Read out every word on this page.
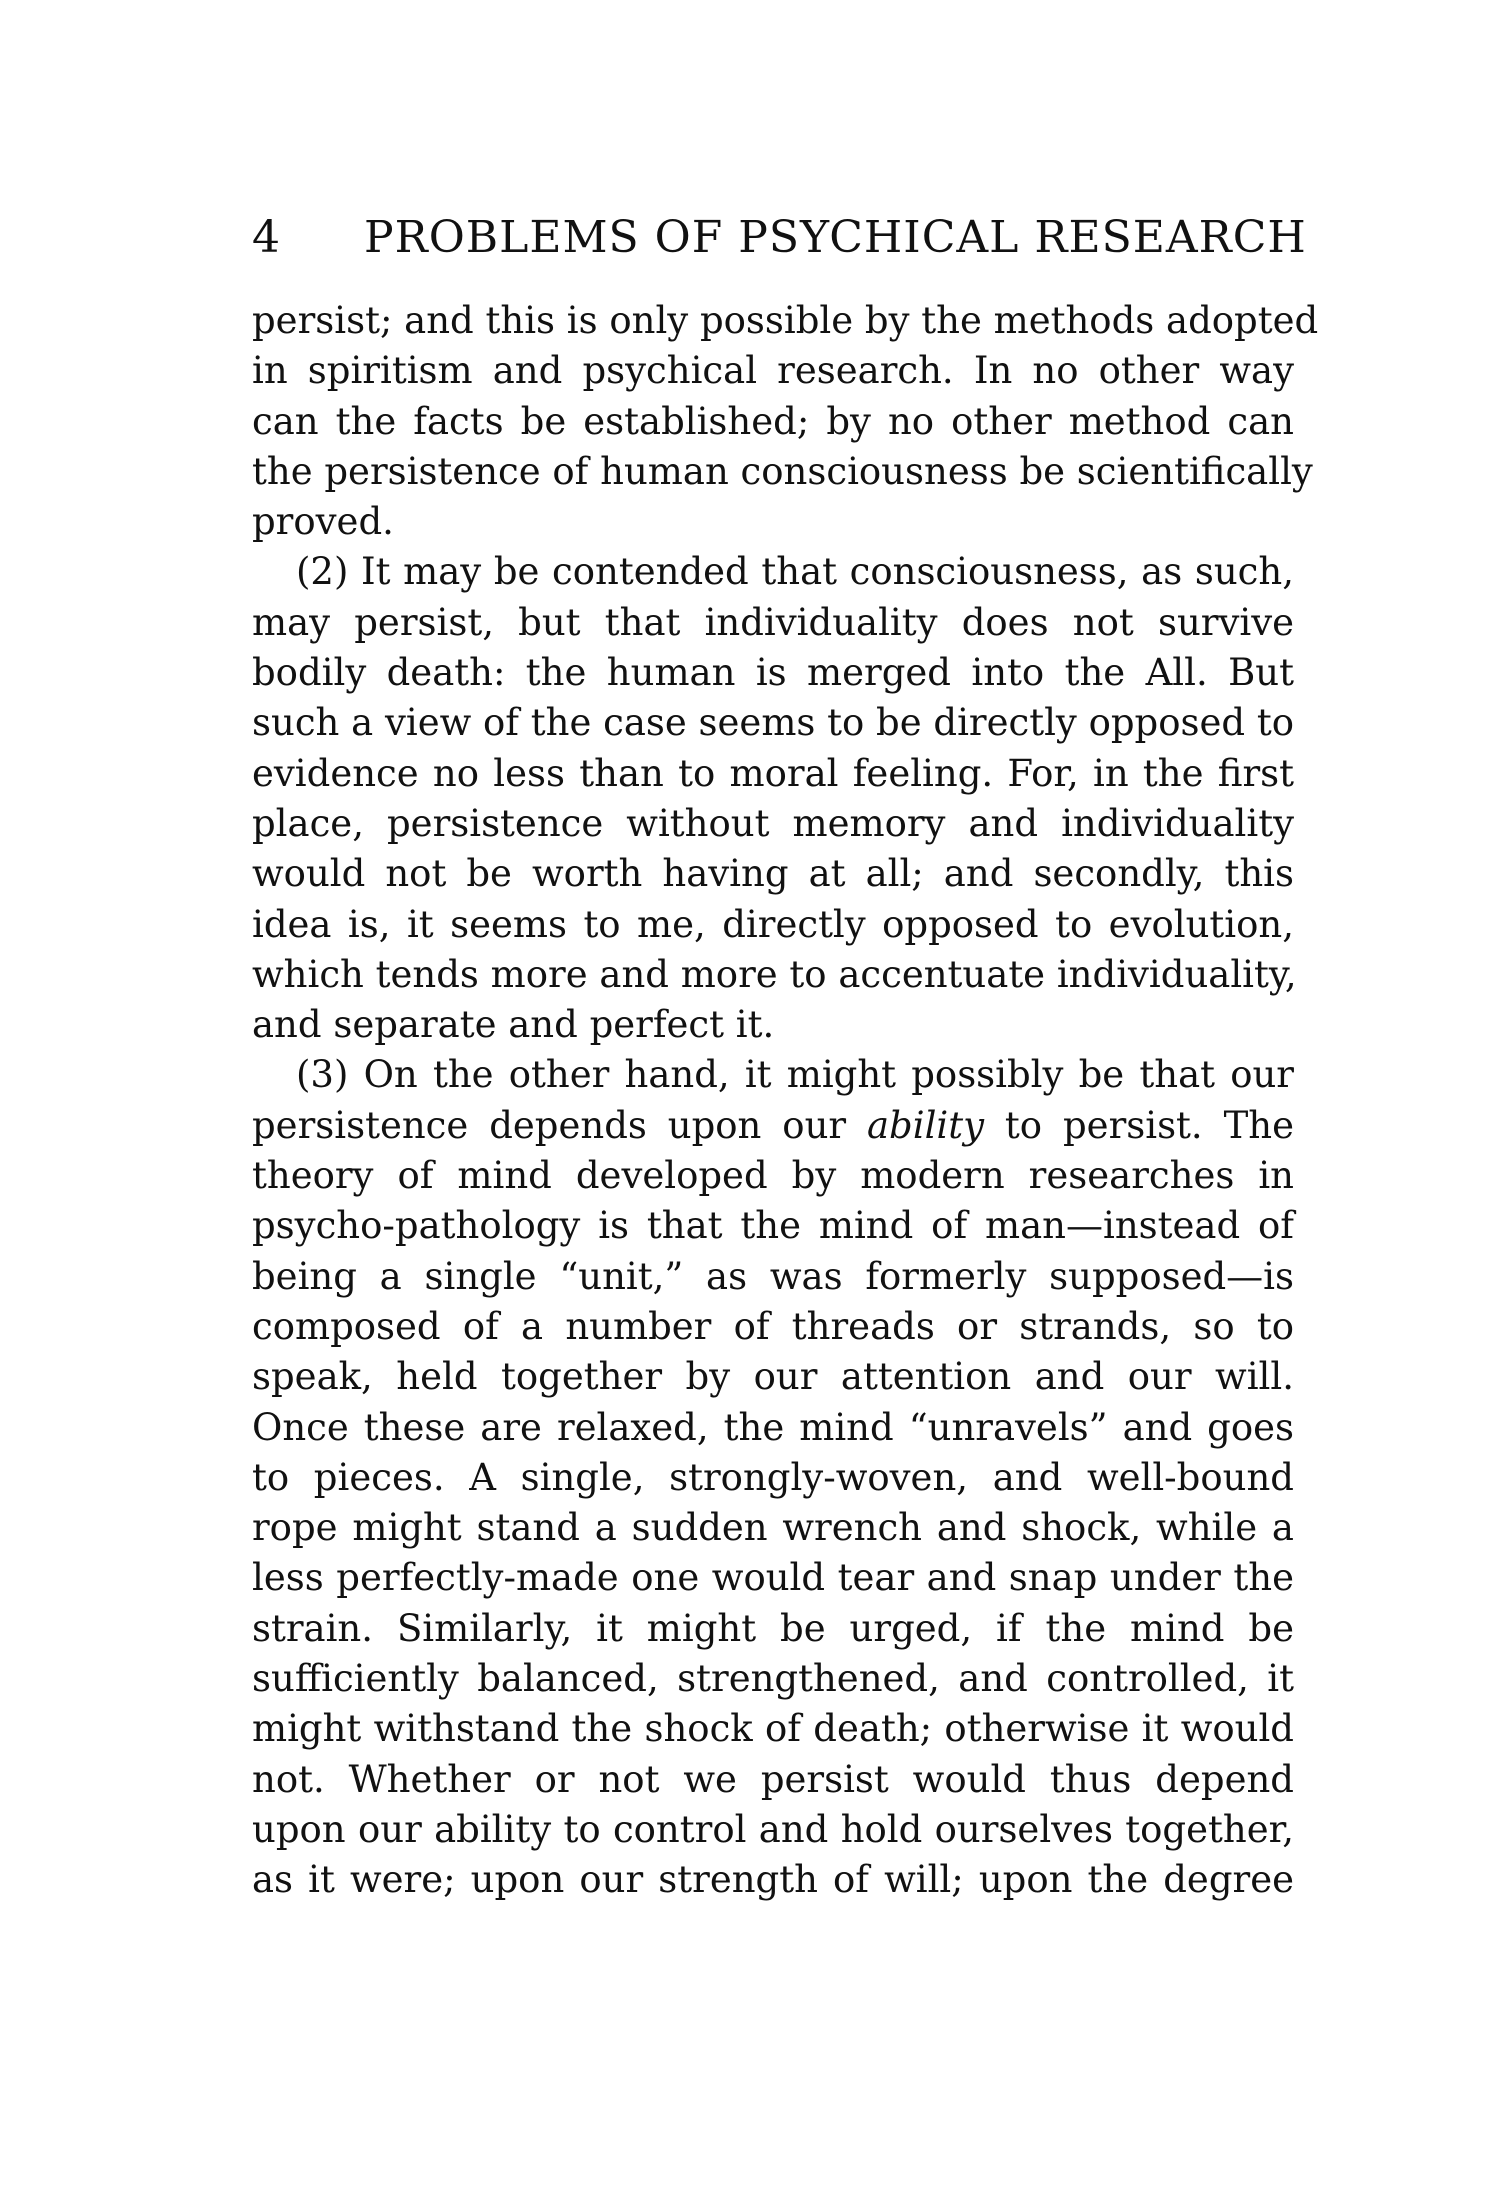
4 PROBLEMS OF PSYCHICAL RESEARCH
persist; and this is only possible by the methods adopted
in spiritism and psychical research. In no other way
can the facts be established; by no other method can
the persistence of human consciousness be scientifically
proved.
(2) It may be contended that consciousness, as such,
may persist, but that individuality does not survive
bodily death: the human is merged into the All. But
such a view of the case seems to be directly opposed to
evidence no less than to moral feeling. For, in the first
place, persistence without memory and individuality
would not be worth having at all; and secondly, this
idea is, it seems to me, directly opposed to evolution,
which tends more and more to accentuate individuality,
and separate and perfect it.
(3) On the other hand, it might possibly be that our
persistence depends upon our ability to persist. The
theory of mind developed by modern researches in
psycho-pathology is that the mind of man—instead of
being a single “unit,” as was formerly supposed—is
composed of a number of threads or strands, so to
speak, held together by our attention and our will.
Once these are relaxed, the mind “unravels” and goes
to pieces. A single, strongly-woven, and well-bound
rope might stand a sudden wrench and shock, while a
less perfectly-made one would tear and snap under the
strain. Similarly, it might be urged, if the mind be
sufficiently balanced, strengthened, and controlled, it
might withstand the shock of death; otherwise it would
not. Whether or not we persist would thus depend
upon our ability to control and hold ourselves together,
as it were; upon our strength of will; upon the degree
